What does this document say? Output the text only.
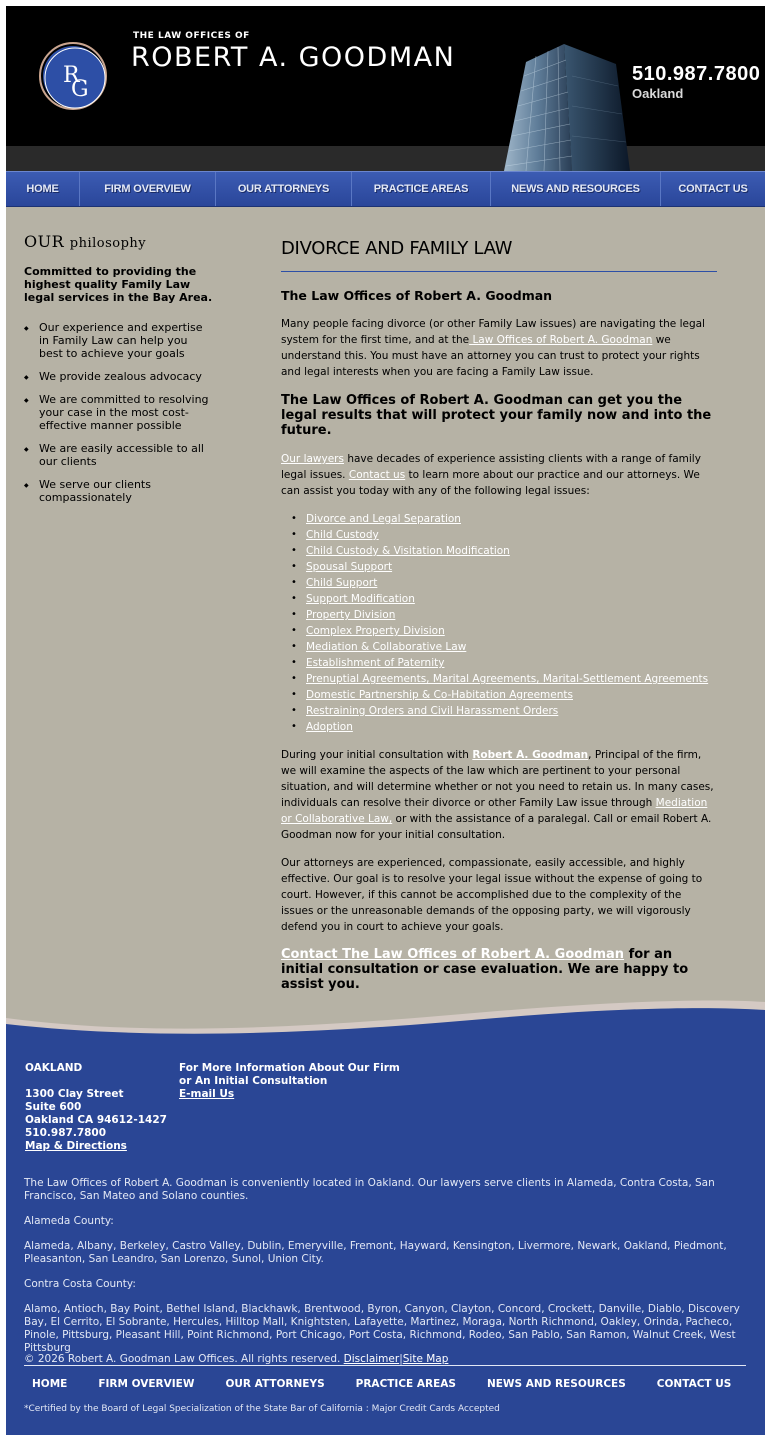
R
G
THE LAW OFFICES OF
ROBERT A. GOODMAN
510.987.7800
Oakland
HOME	FIRM OVERVIEW	OUR ATTORNEYS	PRACTICE AREAS	NEWS AND RESOURCES	CONTACT US
OUR philosophy
Committed to providing the highest quality Family Law legal services in the Bay Area.
◆ Our experience and expertise in Family Law can help you best to achieve your goals
◆ We provide zealous advocacy
◆ We are committed to resolving your case in the most cost-effective manner possible
◆ We are easily accessible to all our clients
◆ We serve our clients compassionately
DIVORCE AND FAMILY LAW
The Law Offices of Robert A. Goodman

Many people facing divorce (or other Family Law issues) are navigating the legal system for the first time, and at the Law Offices of Robert A. Goodman we understand this. You must have an attorney you can trust to protect your rights and legal interests when you are facing a Family Law issue.

The Law Offices of Robert A. Goodman can get you the legal results that will protect your family now and into the future.

Our lawyers have decades of experience assisting clients with a range of family legal issues. Contact us to learn more about our practice and our attorneys. We can assist you today with any of the following legal issues:

• Divorce and Legal Separation
• Child Custody
• Child Custody & Visitation Modification
• Spousal Support
• Child Support
• Support Modification
• Property Division
• Complex Property Division
• Mediation & Collaborative Law
• Establishment of Paternity
• Prenuptial Agreements, Marital Agreements, Marital-Settlement Agreements
• Domestic Partnership & Co-Habitation Agreements
• Restraining Orders and Civil Harassment Orders
• Adoption

During your initial consultation with Robert A. Goodman, Principal of the firm, we will examine the aspects of the law which are pertinent to your personal situation, and will determine whether or not you need to retain us. In many cases, individuals can resolve their divorce or other Family Law issue through Mediation or Collaborative Law, or with the assistance of a paralegal. Call or email Robert A. Goodman now for your initial consultation.

Our attorneys are experienced, compassionate, easily accessible, and highly effective. Our goal is to resolve your legal issue without the expense of going to court. However, if this cannot be accomplished due to the complexity of the issues or the unreasonable demands of the opposing party, we will vigorously defend you in court to achieve your goals.

Contact The Law Offices of Robert A. Goodman for an initial consultation or case evaluation. We are happy to assist you.
OAKLAND
1300 Clay Street
Suite 600
Oakland CA 94612-1427
510.987.7800
Map & Directions
For More Information About Our Firm
or An Initial Consultation
E-mail Us
The Law Offices of Robert A. Goodman is conveniently located in Oakland. Our lawyers serve clients in Alameda, Contra Costa, San Francisco, San Mateo and Solano counties.
Alameda County:
Alameda, Albany, Berkeley, Castro Valley, Dublin, Emeryville, Fremont, Hayward, Kensington, Livermore, Newark, Oakland, Piedmont, Pleasanton, San Leandro, San Lorenzo, Sunol, Union City.
Contra Costa County:
Alamo, Antioch, Bay Point, Bethel Island, Blackhawk, Brentwood, Byron, Canyon, Clayton, Concord, Crockett, Danville, Diablo, Discovery Bay, El Cerrito, El Sobrante, Hercules, Hilltop Mall, Knightsten, Lafayette, Martinez, Moraga, North Richmond, Oakley, Orinda, Pacheco, Pinole, Pittsburg, Pleasant Hill, Point Richmond, Port Chicago, Port Costa, Richmond, Rodeo, San Pablo, San Ramon, Walnut Creek, West Pittsburg
© 2026 Robert A. Goodman Law Offices. All rights reserved. Disclaimer|Site Map
HOME	FIRM OVERVIEW	OUR ATTORNEYS	PRACTICE AREAS	NEWS AND RESOURCES	CONTACT US
*Certified by the Board of Legal Specialization of the State Bar of California : Major Credit Cards Accepted
